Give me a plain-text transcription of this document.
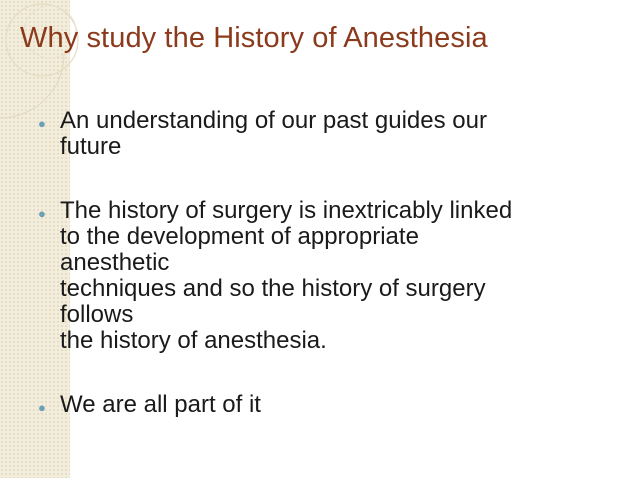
Why study the History of Anesthesia
● An understanding of our past guides our
future
● The history of surgery is inextricably linked
to the development of appropriate
anesthetic
techniques and so the history of surgery
follows
the history of anesthesia.
● We are all part of it
